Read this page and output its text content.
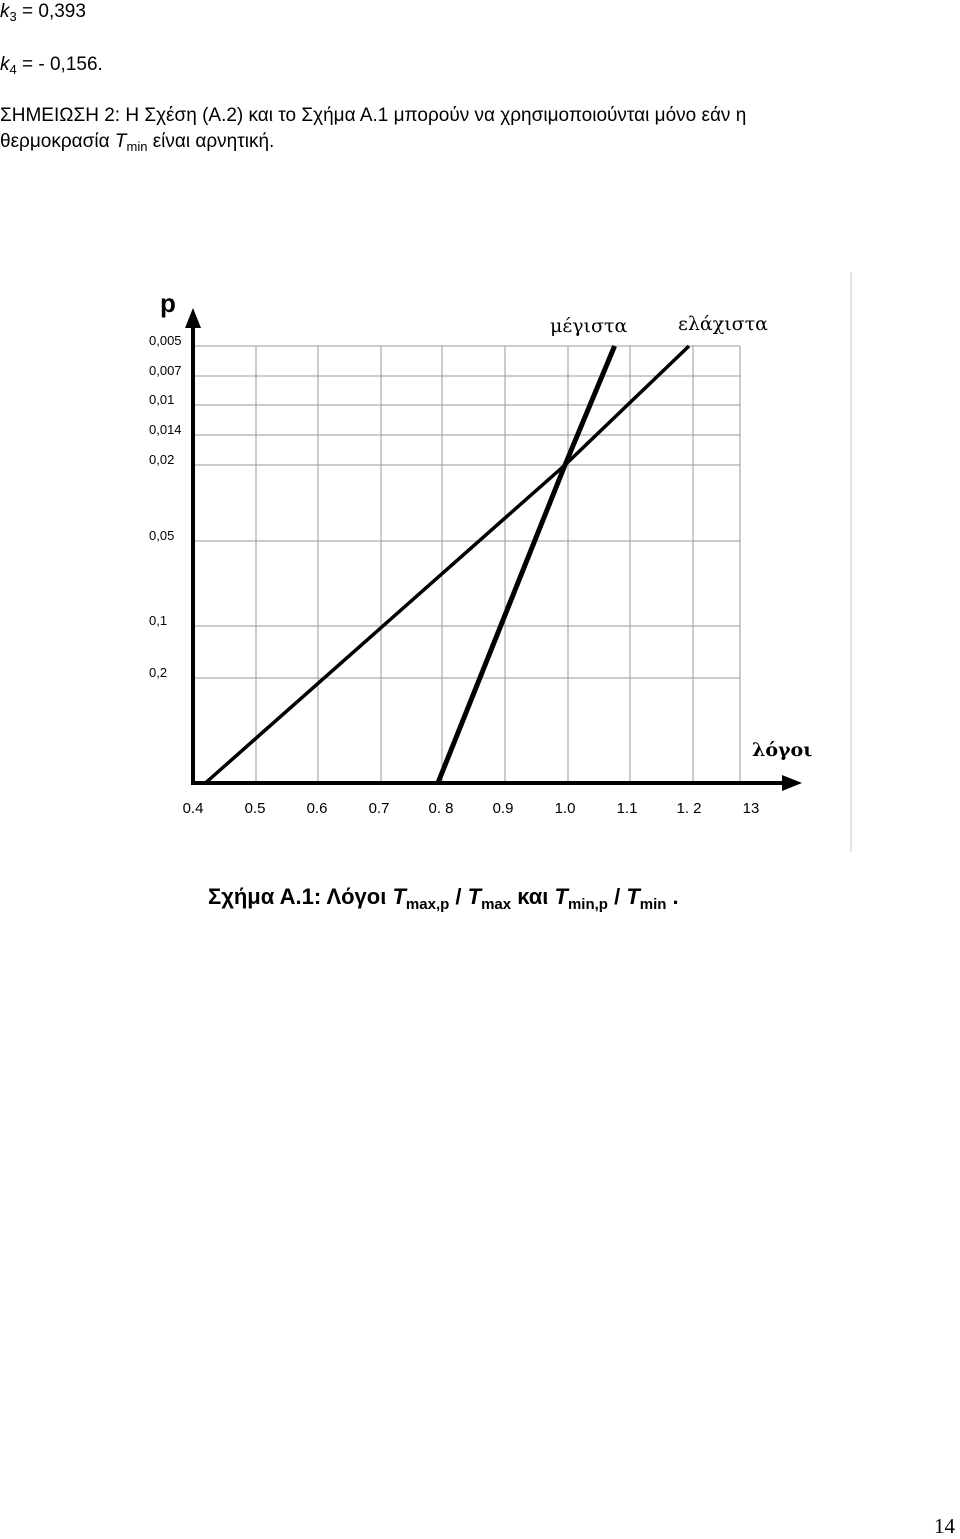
$k_3 = 0,393$
$k_4$ = - 0,156.
ΣΗΜΕΙΩΣΗ 2: Η Σχέση (Α.2) και το Σχήμα Α.1 μπορούν να χρησιμοποιούνται μόνο εάν η
θερμοκρασία $T_{min}$ είναι αρνητική.
0,005
0,007
0,01
0,014
0,02
0,05
0,1
0,2
0.4	0.5	0.6	0.7	0. 8	0.9	1.0	1.1	1. 2	13
p
λόγοι
μέγιστα	ελάχιστα
Σχήμα Α.1: Λόγοι $T_{max,p} / T_{max}$ και $T_{min,p} / T_{min}$ .
14
